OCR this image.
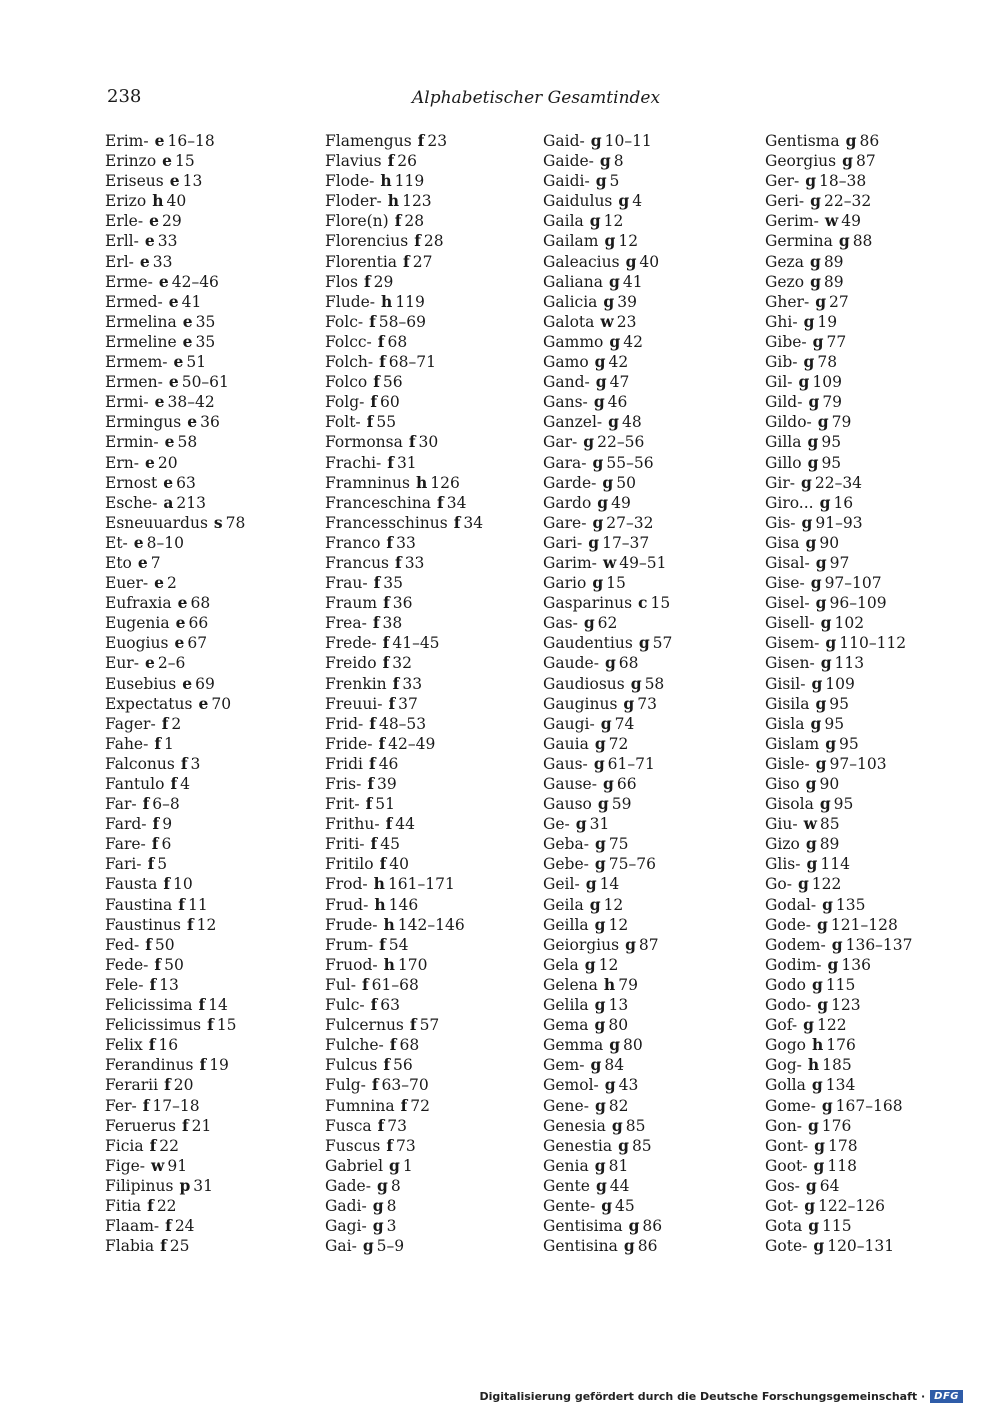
238	Alphabetischer Gesamtindex
Erim- e 16–18
Erinzo e 15
Eriseus e 13
Erizo h 40
Erle- e 29
Erll- e 33
Erl- e 33
Erme- e 42–46
Ermed- e 41
Ermelina e 35
Ermeline e 35
Ermem- e 51
Ermen- e 50–61
Ermi- e 38–42
Ermingus e 36
Ermin- e 58
Ern- e 20
Ernost e 63
Esche- a 213
Esneuuardus s 78
Et- e 8–10
Eto e 7
Euer- e 2
Eufraxia e 68
Eugenia e 66
Euogius e 67
Eur- e 2–6
Eusebius e 69
Expectatus e 70
Fager- f 2
Fahe- f 1
Falconus f 3
Fantulo f 4
Far- f 6–8
Fard- f 9
Fare- f 6
Fari- f 5
Fausta f 10
Faustina f 11
Faustinus f 12
Fed- f 50
Fede- f 50
Fele- f 13
Felicissima f 14
Felicissimus f 15
Felix f 16
Ferandinus f 19
Ferarii f 20
Fer- f 17–18
Feruerus f 21
Ficia f 22
Fige- w 91
Filipinus p 31
Fitia f 22
Flaam- f 24
Flabia f 25
Flamengus f 23
Flavius f 26
Flode- h 119
Floder- h 123
Flore(n) f 28
Florencius f 28
Florentia f 27
Flos f 29
Flude- h 119
Folc- f 58–69
Folcc- f 68
Folch- f 68–71
Folco f 56
Folg- f 60
Folt- f 55
Formonsa f 30
Frachi- f 31
Framninus h 126
Franceschina f 34
Francesschinus f 34
Franco f 33
Francus f 33
Frau- f 35
Fraum f 36
Frea- f 38
Frede- f 41–45
Freido f 32
Frenkin f 33
Freuui- f 37
Frid- f 48–53
Fride- f 42–49
Fridi f 46
Fris- f 39
Frit- f 51
Frithu- f 44
Friti- f 45
Fritilo f 40
Frod- h 161–171
Frud- h 146
Frude- h 142–146
Frum- f 54
Fruod- h 170
Ful- f 61–68
Fulc- f 63
Fulcernus f 57
Fulche- f 68
Fulcus f 56
Fulg- f 63–70
Fumnina f 72
Fusca f 73
Fuscus f 73
Gabriel g 1
Gade- g 8
Gadi- g 8
Gagi- g 3
Gai- g 5–9
Gaid- g 10–11
Gaide- g 8
Gaidi- g 5
Gaidulus g 4
Gaila g 12
Gailam g 12
Galeacius g 40
Galiana g 41
Galicia g 39
Galota w 23
Gammo g 42
Gamo g 42
Gand- g 47
Gans- g 46
Ganzel- g 48
Gar- g 22–56
Gara- g 55–56
Garde- g 50
Gardo g 49
Gare- g 27–32
Gari- g 17–37
Garim- w 49–51
Gario g 15
Gasparinus c 15
Gas- g 62
Gaudentius g 57
Gaude- g 68
Gaudiosus g 58
Gauginus g 73
Gaugi- g 74
Gauia g 72
Gaus- g 61–71
Gause- g 66
Gauso g 59
Ge- g 31
Geba- g 75
Gebe- g 75–76
Geil- g 14
Geila g 12
Geilla g 12
Geiorgius g 87
Gela g 12
Gelena h 79
Gelila g 13
Gema g 80
Gemma g 80
Gem- g 84
Gemol- g 43
Gene- g 82
Genesia g 85
Genestia g 85
Genia g 81
Gente g 44
Gente- g 45
Gentisima g 86
Gentisina g 86
Gentisma g 86
Georgius g 87
Ger- g 18–38
Geri- g 22–32
Gerim- w 49
Germina g 88
Geza g 89
Gezo g 89
Gher- g 27
Ghi- g 19
Gibe- g 77
Gib- g 78
Gil- g 109
Gild- g 79
Gildo- g 79
Gilla g 95
Gillo g 95
Gir- g 22–34
Giro... g 16
Gis- g 91–93
Gisa g 90
Gisal- g 97
Gise- g 97–107
Gisel- g 96–109
Gisell- g 102
Gisem- g 110–112
Gisen- g 113
Gisil- g 109
Gisila g 95
Gisla g 95
Gislam g 95
Gisle- g 97–103
Giso g 90
Gisola g 95
Giu- w 85
Gizo g 89
Glis- g 114
Go- g 122
Godal- g 135
Gode- g 121–128
Godem- g 136–137
Godim- g 136
Godo g 115
Godo- g 123
Gof- g 122
Gogo h 176
Gog- h 185
Golla g 134
Gome- g 167–168
Gon- g 176
Gont- g 178
Goot- g 118
Gos- g 64
Got- g 122–126
Gota g 115
Gote- g 120–131
Digitalisierung gefördert durch die Deutsche Forschungsgemeinschaft · DFG
